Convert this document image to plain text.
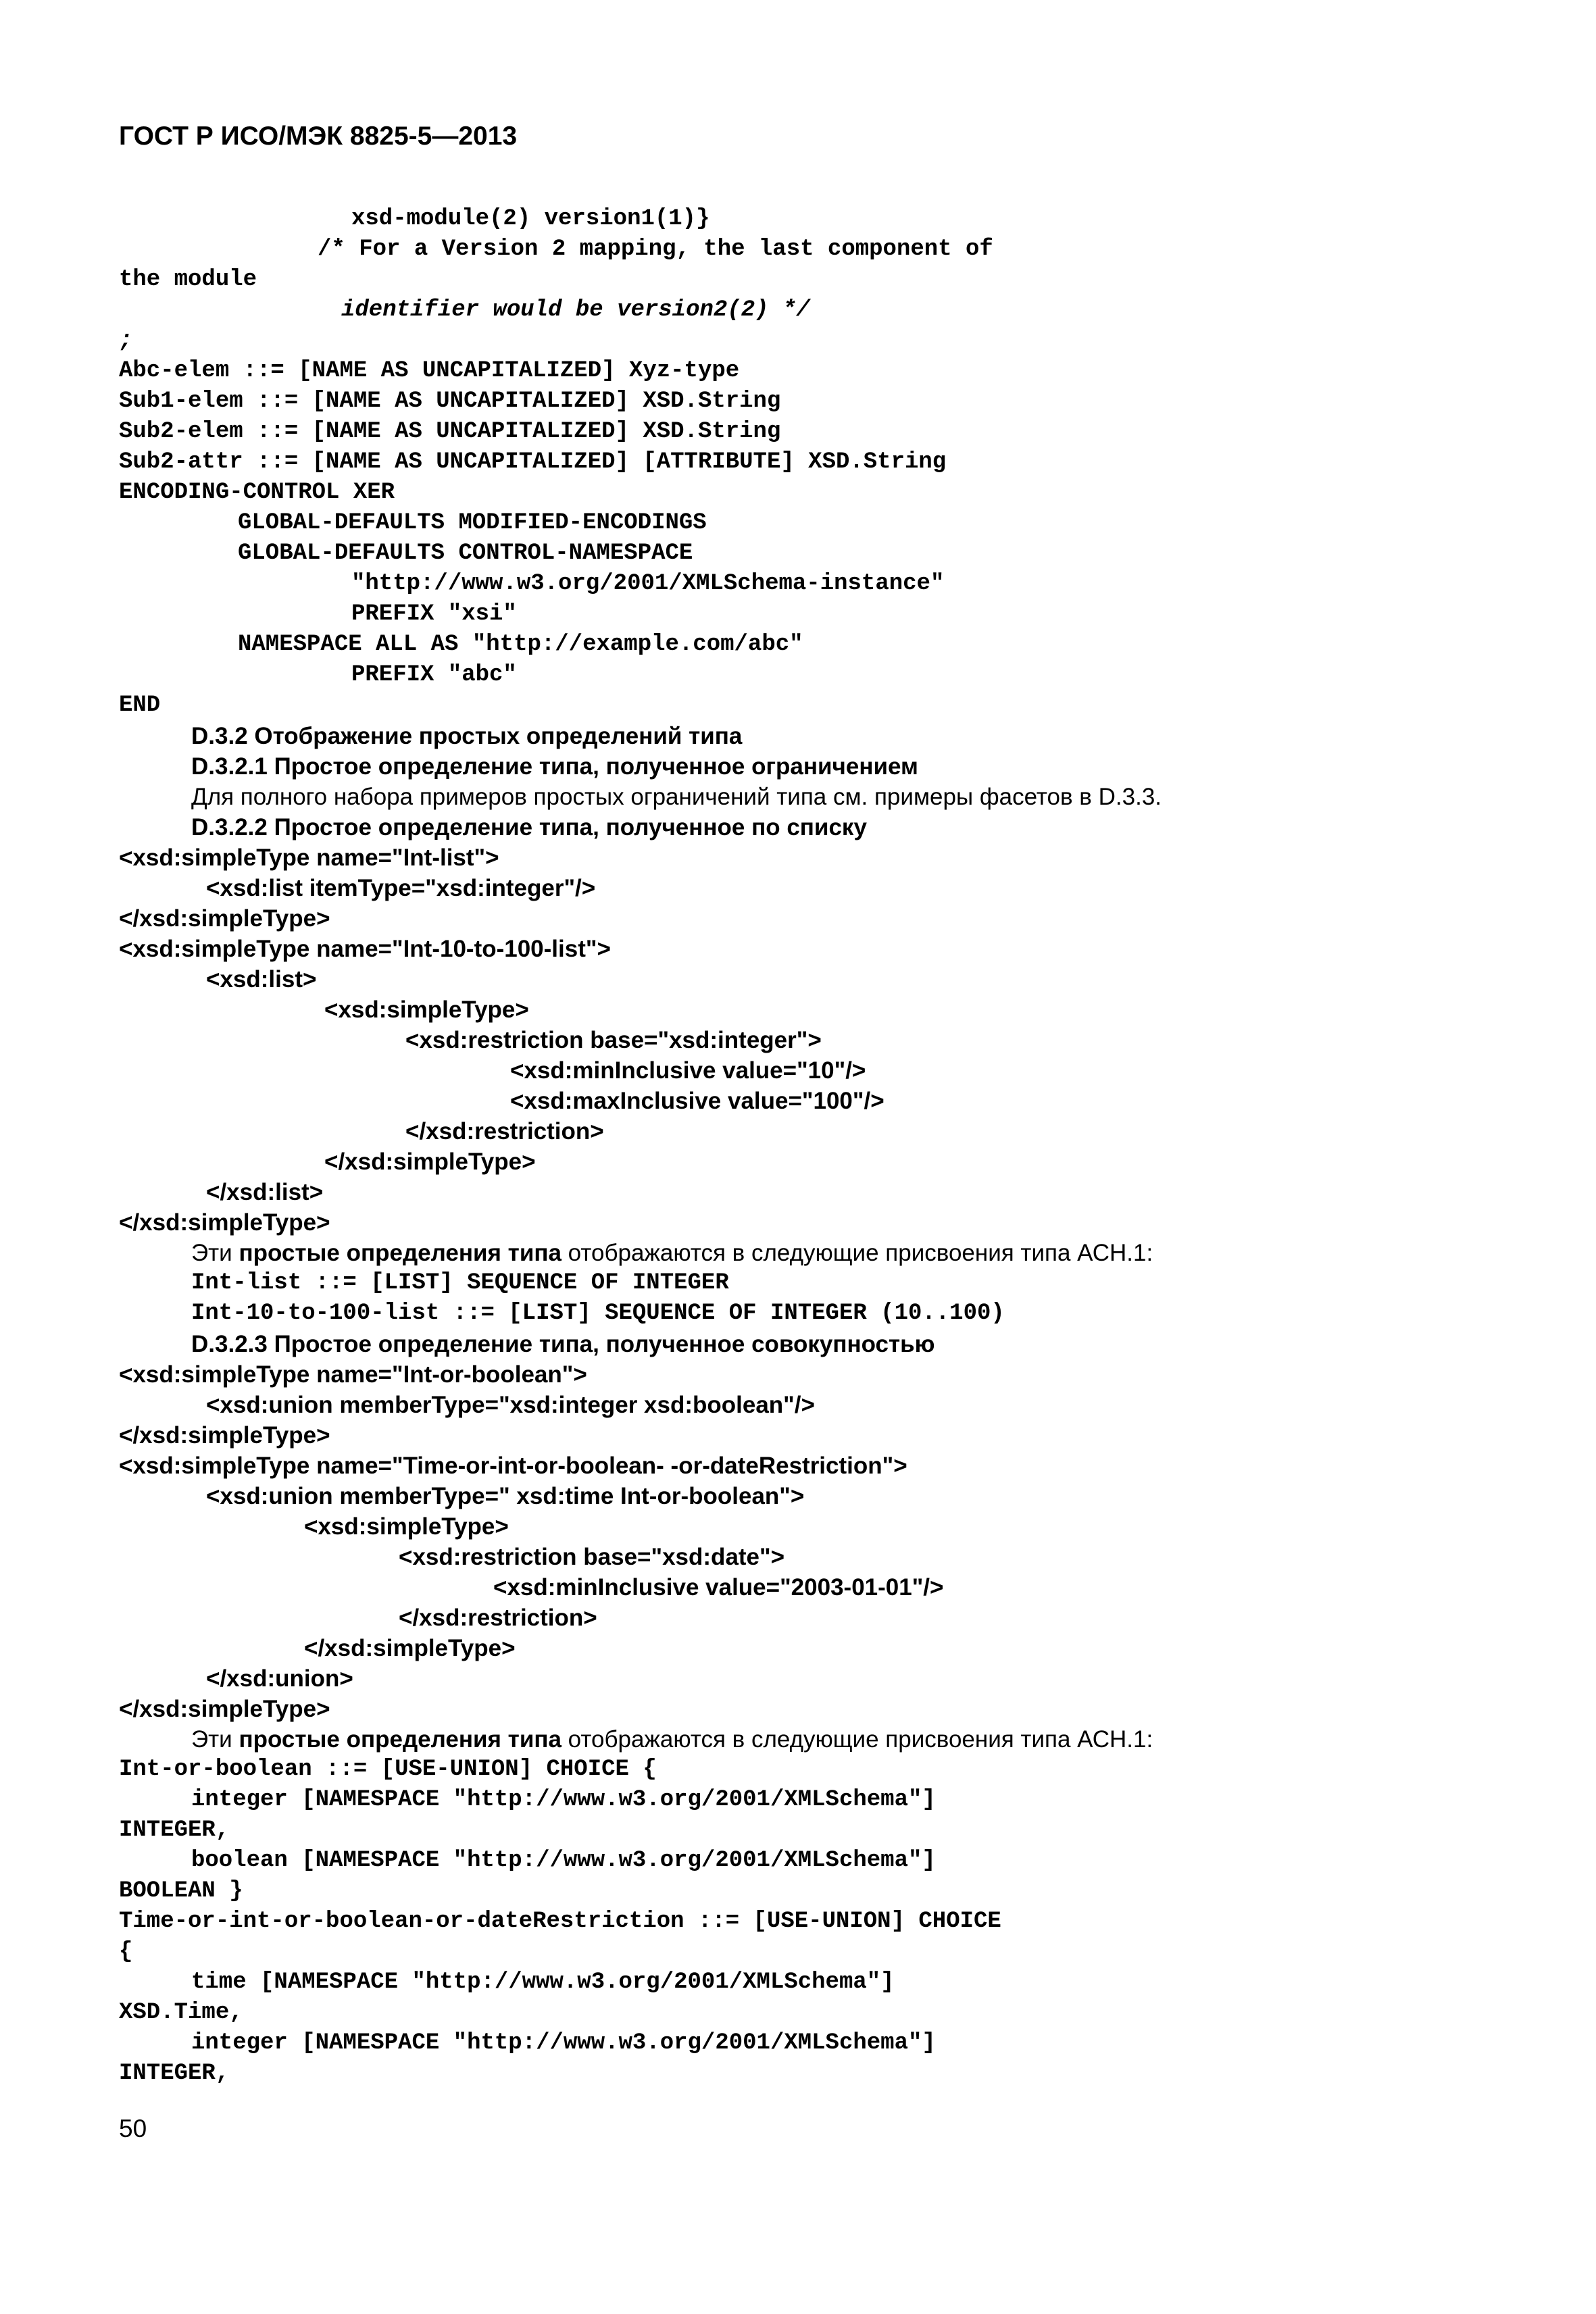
ГОСТ Р ИСО/МЭК 8825-5—2013
xsd-module(2) version1(1)}
/* For a Version 2 mapping, the last component of
the module
identifier would be version2(2) */
;
Abc-elem ::= [NAME AS UNCAPITALIZED] Xyz-type
Sub1-elem ::= [NAME AS UNCAPITALIZED] XSD.String
Sub2-elem ::= [NAME AS UNCAPITALIZED] XSD.String
Sub2-attr ::= [NAME AS UNCAPITALIZED] [ATTRIBUTE] XSD.String
ENCODING-CONTROL XER
GLOBAL-DEFAULTS MODIFIED-ENCODINGS
GLOBAL-DEFAULTS CONTROL-NAMESPACE
"http://www.w3.org/2001/XMLSchema-instance"
PREFIX "xsi"
NAMESPACE ALL AS "http://example.com/abc"
PREFIX "abc"
END
D.3.2 Отображение простых определений типа
D.3.2.1 Простое определение типа, полученное ограничением
Для полного набора примеров простых ограничений типа см. примеры фасетов в D.3.3.
D.3.2.2 Простое определение типа, полученное по списку
<xsd:simpleType name="Int-list">
<xsd:list itemType="xsd:integer"/>
</xsd:simpleType>
<xsd:simpleType name="Int-10-to-100-list">
<xsd:list>
<xsd:simpleType>
<xsd:restriction base="xsd:integer">
<xsd:minInclusive value="10"/>
<xsd:maxInclusive value="100"/>
</xsd:restriction>
</xsd:simpleType>
</xsd:list>
</xsd:simpleType>
Эти простые определения типа отображаются в следующие присвоения типа АСН.1:
Int-list ::= [LIST] SEQUENCE OF INTEGER
Int-10-to-100-list ::= [LIST] SEQUENCE OF INTEGER (10..100)
D.3.2.3 Простое определение типа, полученное совокупностью
<xsd:simpleType name="Int-or-boolean">
<xsd:union memberType="xsd:integer xsd:boolean"/>
</xsd:simpleType>
<xsd:simpleType name="Time-or-int-or-boolean- -or-dateRestriction">
<xsd:union memberType=" xsd:time Int-or-boolean">
<xsd:simpleType>
<xsd:restriction base="xsd:date">
<xsd:minInclusive value="2003-01-01"/>
</xsd:restriction>
</xsd:simpleType>
</xsd:union>
</xsd:simpleType>
Эти простые определения типа отображаются в следующие присвоения типа АСН.1:
Int-or-boolean ::= [USE-UNION] CHOICE {
integer [NAMESPACE "http://www.w3.org/2001/XMLSchema"]
INTEGER,
boolean [NAMESPACE "http://www.w3.org/2001/XMLSchema"]
BOOLEAN }
Time-or-int-or-boolean-or-dateRestriction ::= [USE-UNION] CHOICE
{
time [NAMESPACE "http://www.w3.org/2001/XMLSchema"]
XSD.Time,
integer [NAMESPACE "http://www.w3.org/2001/XMLSchema"]
INTEGER,
50
